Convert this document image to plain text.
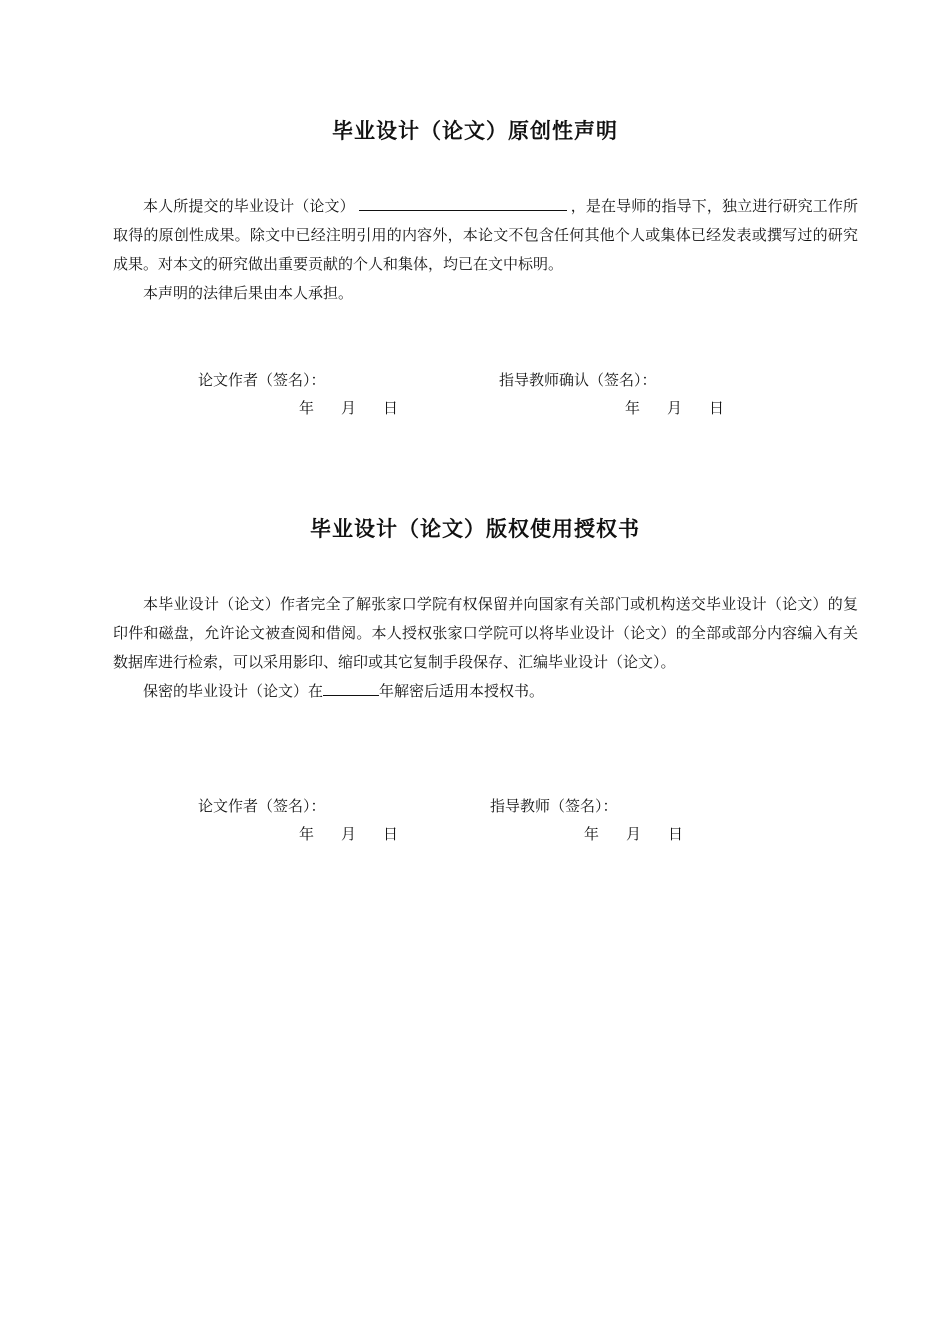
毕业设计（论文）原创性声明

本人所提交的毕业设计（论文）	，是在导师的指导下，独立进行研究工作所取得的原创性成果。除文中已经注明引用的内容外，本论文不包含任何其他个人或集体已经发表或撰写过的研究成果。对本文的研究做出重要贡献的个人和集体，均已在文中标明。

本声明的法律后果由本人承担。

论文作者（签名）：	指导教师确认（签名）：
年 月 日	年 月 日
毕业设计（论文）版权使用授权书

本毕业设计（论文）作者完全了解张家口学院有权保留并向国家有关部门或机构送交毕业设计（论文）的复印件和磁盘，允许论文被查阅和借阅。本人授权张家口学院可以将毕业设计（论文）的全部或部分内容编入有关数据库进行检索，可以采用影印、缩印或其它复制手段保存、汇编毕业设计（论文）。

保密的毕业设计（论文）在	年解密后适用本授权书。

论文作者（签名）：	指导教师（签名）：
年 月 日	年 月 日
